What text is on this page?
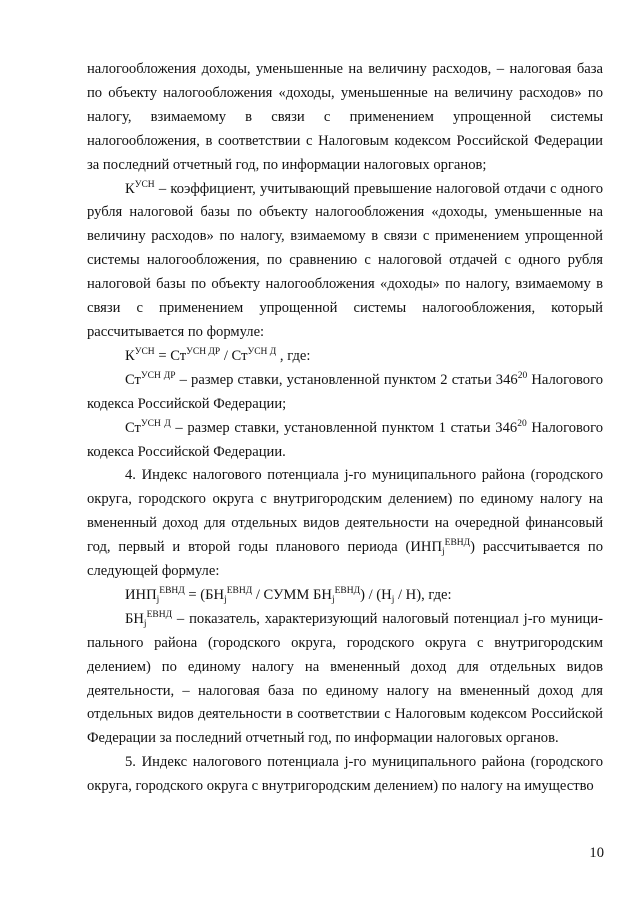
налогообложения доходы, уменьшенные на величину расходов, – налоговая база по объекту налогообложения «доходы, уменьшенные на величину расходов» по налогу, взимаемому в связи с применением упрощенной системы налогообложения, в соответствии с Налоговым кодексом Российской Федерации за последний отчетный год, по информации налоговых органов;

$К^{УСН}$ – коэффициент, учитывающий превышение налоговой отдачи с одного рубля налоговой базы по объекту налогообложения «доходы, уменьшенные на величину расходов» по налогу, взимаемому в связи с применением упрощенной системы налогообложения, по сравнению с налоговой отдачей с одного рубля налоговой базы по объекту налогообложения «доходы» по налогу, взимаемому в связи с применением упрощенной системы налогообложения, который рассчитывается по формуле:

$К^{УСН} = Ст^{УСН ДР} / Ст^{УСН Д}$ , где:

$Ст^{УСН ДР}$ – размер ставки, установленной пунктом 2 статьи $346^{20}$ Налогового кодекса Российской Федерации;

$Ст^{УСН Д}$ – размер ставки, установленной пунктом 1 статьи $346^{20}$ Налогового кодекса Российской Федерации.

4. Индекс налогового потенциала j-го муниципального района (городского округа, городского округа с внутригородским делением) по единому налогу на вмененный доход для отдельных видов деятельности на очередной финансовый год, первый и второй годы планового периода $(ИНП_j^{ЕВНД})$ рассчитывается по следующей формуле:

$ИНП_j^{ЕВНД} = (БН_j^{ЕВНД}$ / СУММ $БН_j^{ЕВНД}) / (Н_j / Н)$, где:

$БН_j^{ЕВНД}$ – показатель, характеризующий налоговый потенциал j-го муници-пального района (городского округа, городского округа с внутригородским делением) по единому налогу на вмененный доход для отдельных видов деятельности, – налоговая база по единому налогу на вмененный доход для отдельных видов деятельности в соответствии с Налоговым кодексом Российской Федерации за последний отчетный год, по информации налоговых органов.

5. Индекс налогового потенциала j-го муниципального района (городского округа, городского округа с внутригородским делением) по налогу на имущество

10
